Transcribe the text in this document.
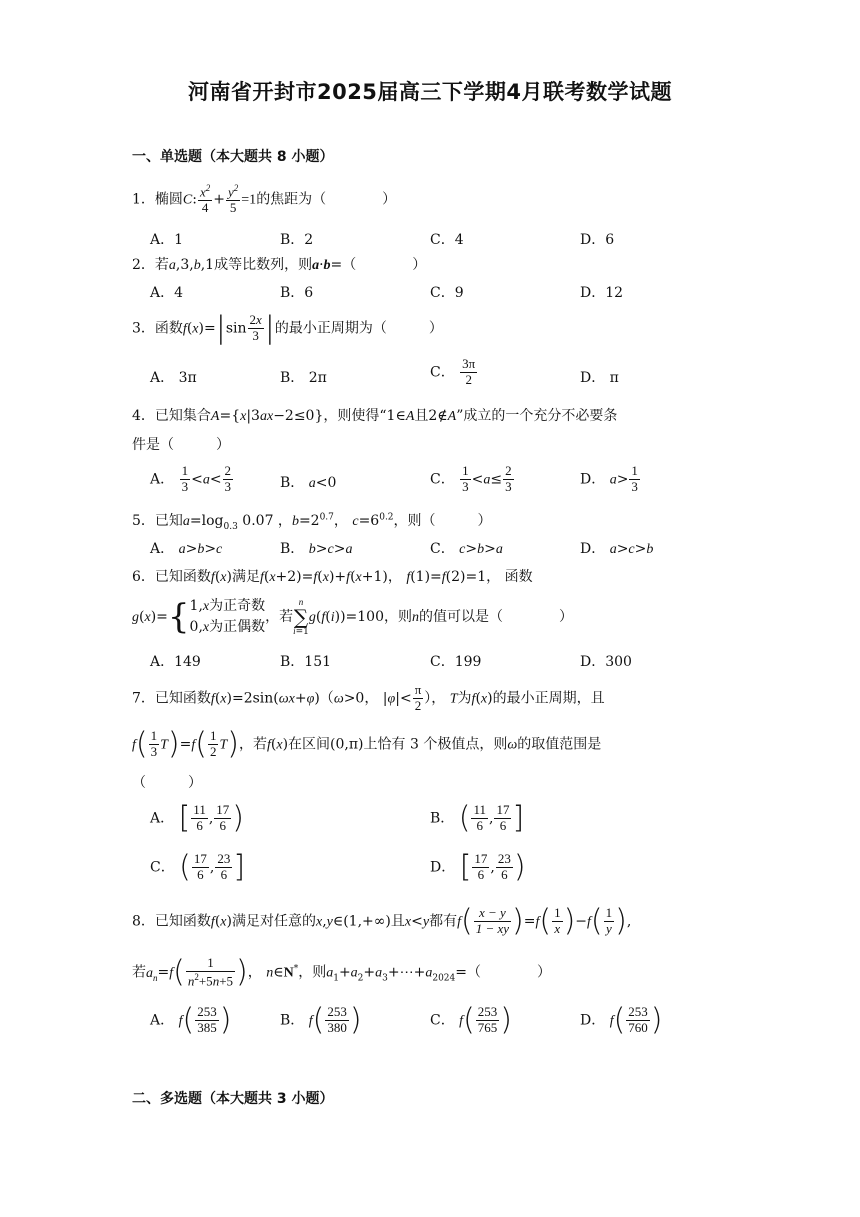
河南省开封市2025届高三下学期4月联考数学试题
一、单选题（本大题共 8 小题）
1．椭圆C: $\frac{x^2}{4} + \frac{y^2}{5} =1$的焦距为（　　　　）
A．1	B．2	C．4	D．6
2．若a,3,b,1成等比数列，则a·b=（　　　　）
A．4	B．6	C．9	D．12
3．函数$f(x)=|\sin \frac{2x}{3}$ |的最小正周期为（　　　）
A． 3π	B． 2π	C． $\frac{3\pi}{2}$	D． π
4．已知集合A={x|3ax−2≤0}，则使得“1∈A且2∉A”成立的一个充分不必要条
件是（　　　）
A． $\frac{1}{3} <a< \frac{2}{3}$	B． a<0	C． $\frac{1}{3} <a\le \frac{2}{3}$	D． $a> \frac{1}{3}$
5．已知$a=\log_{0.3}$ 0.07 ，$b=2^{0.7}$， $c=6^{0.2}$，则（　　　）
A． a>b>c	B． b>c>a	C． c>b>a	D． a>c>b
6．已知函数f(x)满足f(x+2)=f(x)+f(x+1)， f(1)=f(2)=1， 函数
g(x)={ 1,x为正奇数
0,x为正偶数
，若
n
∑
i=1
g(f(i))=100，则n的值可以是（　　　　）
A．149	B．151	C．199	D．300
7．已知函数f(x)=2sin(ωx+φ)（ω>0， $|\varphi|< \frac{\pi}{2}$ ）， T为f(x)的最小正周期，且
$f( \frac{1}{3} T)=f( \frac{1}{2} T)$，若f(x)在区间(0,π)上恰有 3 个极值点，则ω的取值范围是
（　　　）
A． [ $\frac{11}{6}$ , $\frac{17}{6}$ )	B． ( $\frac{11}{6}$ , $\frac{17}{6}$ ]
C． ( $\frac{17}{6}$ , $\frac{23}{6}$ ]	D． [ $\frac{17}{6}$ , $\frac{23}{6}$ )
8．已知函数f(x)满足对任意的x,y∈(1,+∞)且x<y都有$f( \frac{x - y}{1 - xy} )=f( \frac{1}{x} )-f( \frac{1}{y}$ ),
若$a_n=f( \frac{1}{n^2+5n+5}$ )， n∈N*，则$a_1+a_2+a_3+\cdots+a_{2024}=$（　　　　）
A． $f( \frac{253}{385}$ )	B． $f( \frac{253}{380}$ )	C． $f( \frac{253}{765}$ )	D． $f( \frac{253}{760}$ )
二、多选题（本大题共 3 小题）
